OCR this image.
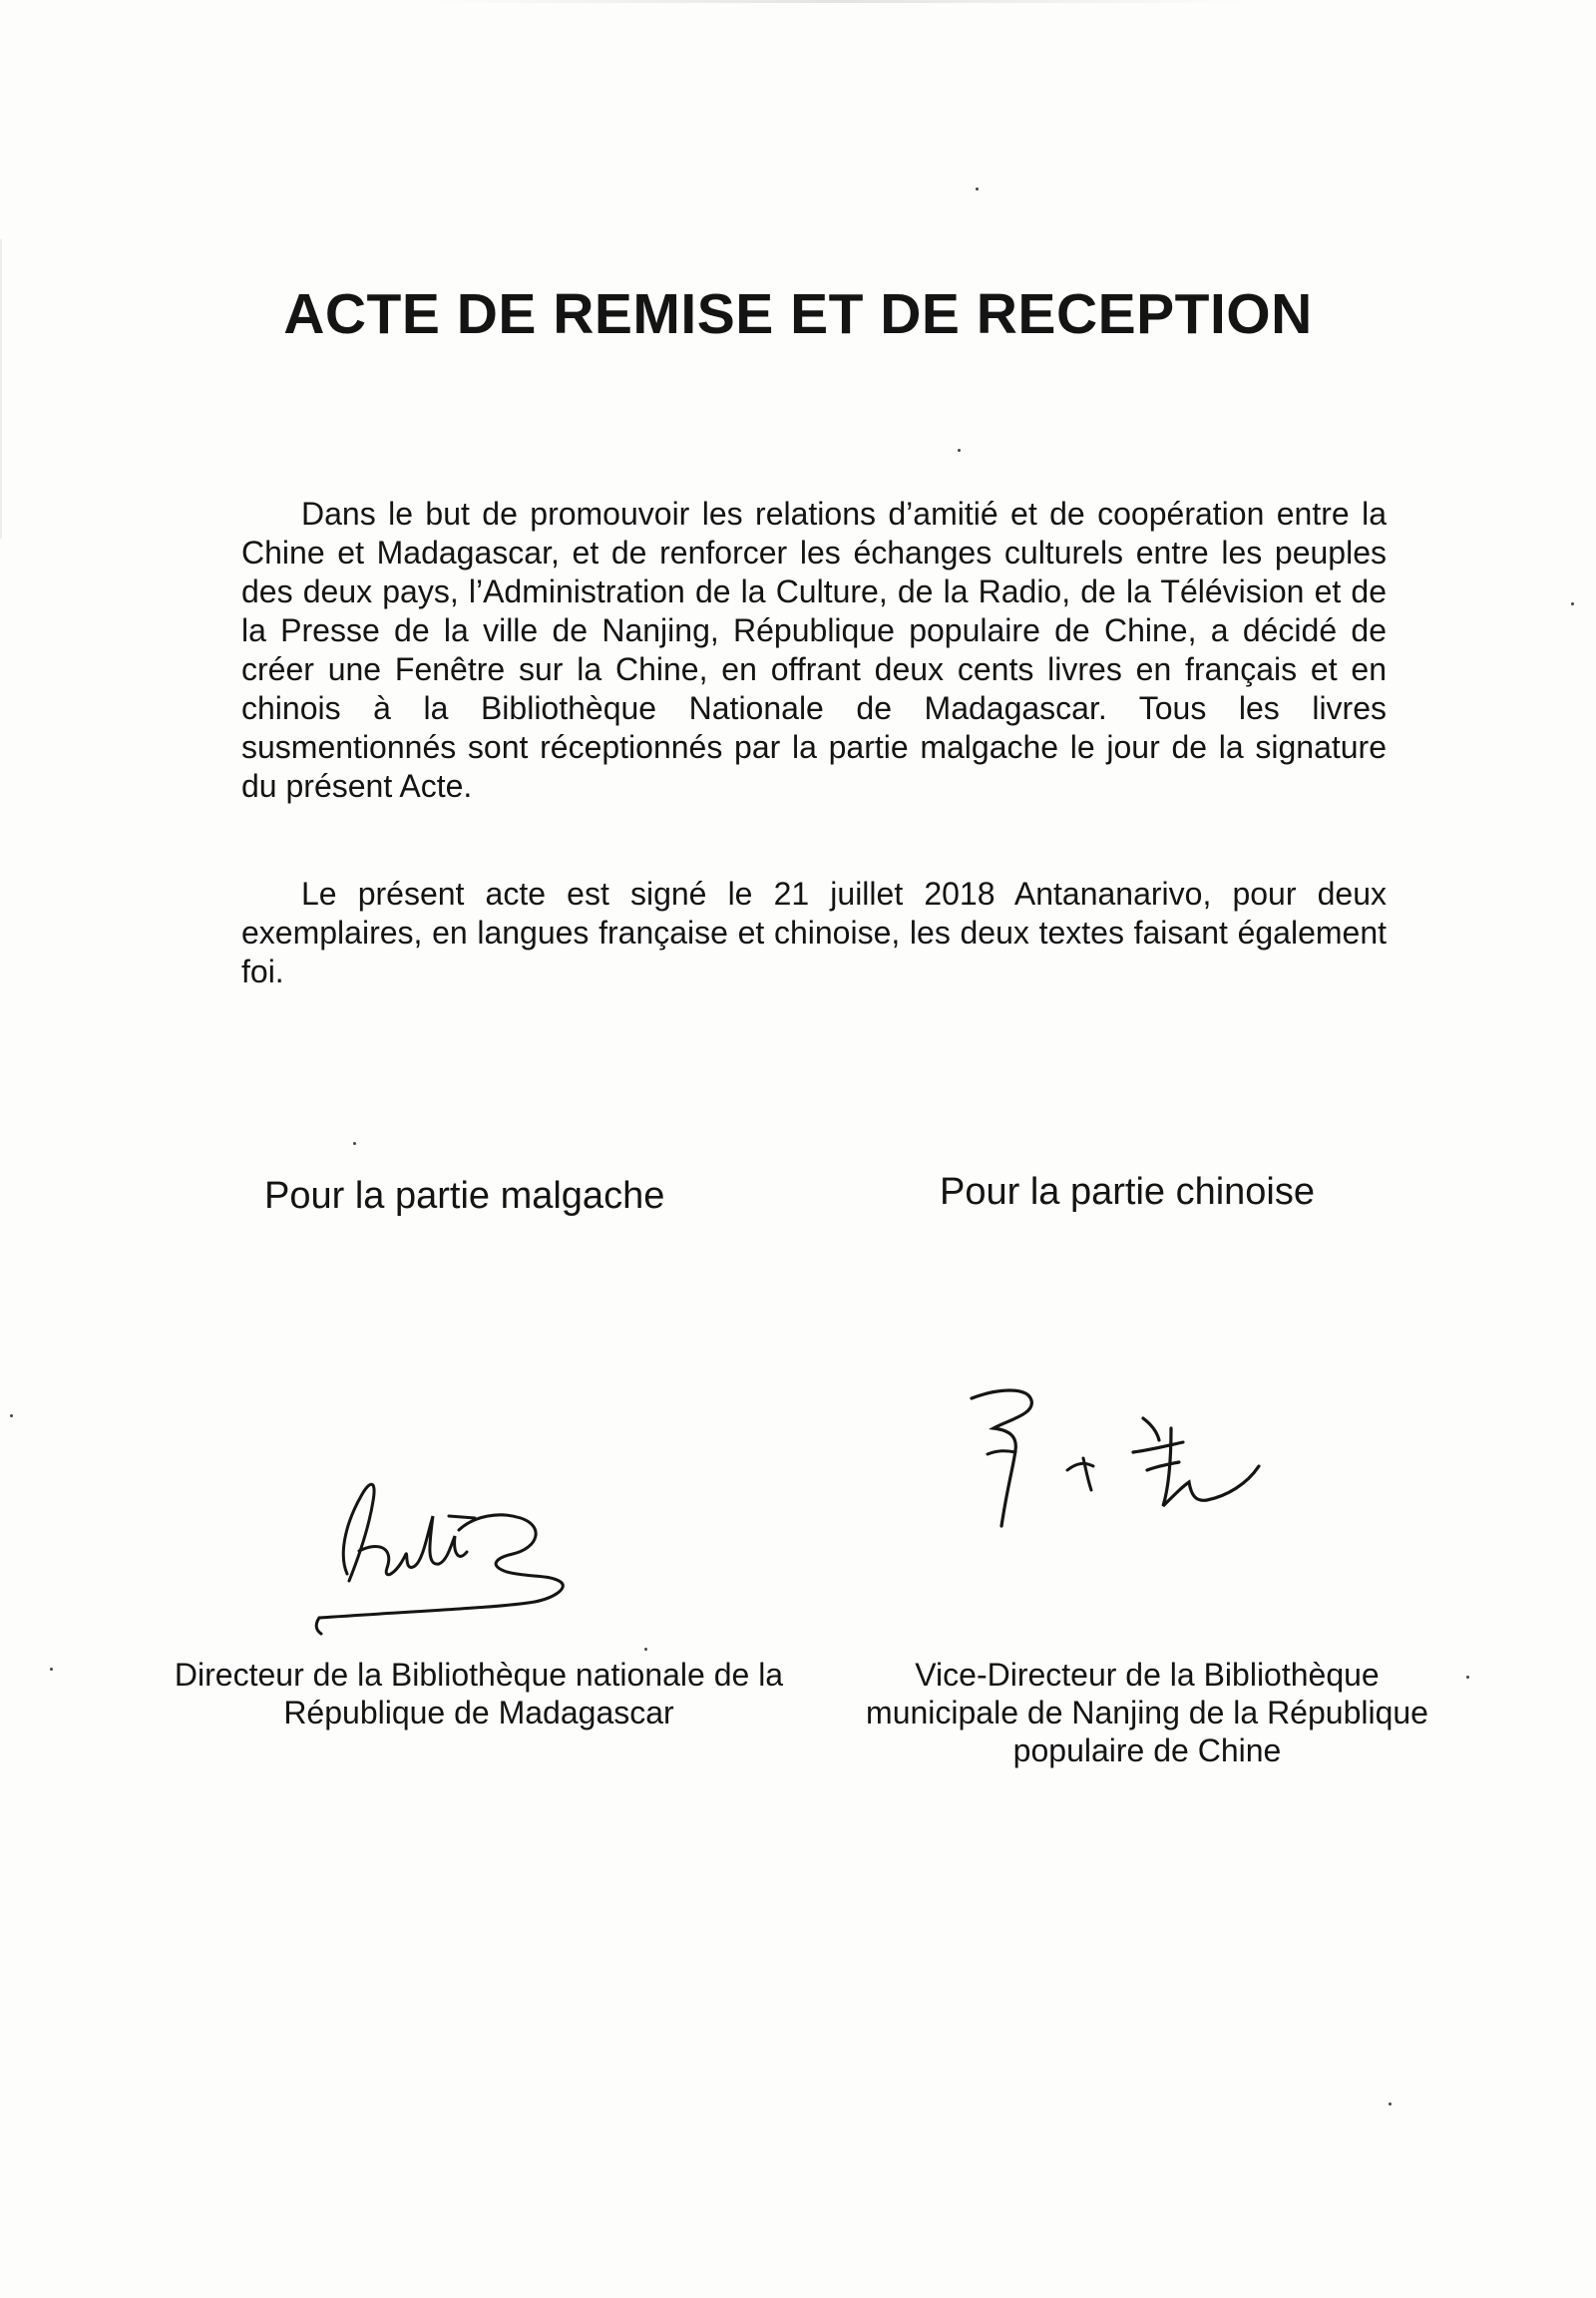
ACTE DE REMISE ET DE RECEPTION

Dans le but de promouvoir les relations d’amitié et de coopération entre la Chine et Madagascar, et de renforcer les échanges culturels entre les peuples des deux pays, l’Administration de la Culture, de la Radio, de la Télévision et de la Presse de la ville de Nanjing, République populaire de Chine, a décidé de créer une Fenêtre sur la Chine, en offrant deux cents livres en français et en chinois à la Bibliothèque Nationale de Madagascar. Tous les livres susmentionnés sont réceptionnés par la partie malgache le jour de la signature du présent Acte.

Le présent acte est signé le 21 juillet 2018 Antananarivo, pour deux exemplaires, en langues française et chinoise, les deux textes faisant également foi.

Pour la partie malgache	Pour la partie chinoise

Directeur de la Bibliothèque nationale de la
République de Madagascar

Vice-Directeur de la Bibliothèque
municipale de Nanjing de la République
populaire de Chine
